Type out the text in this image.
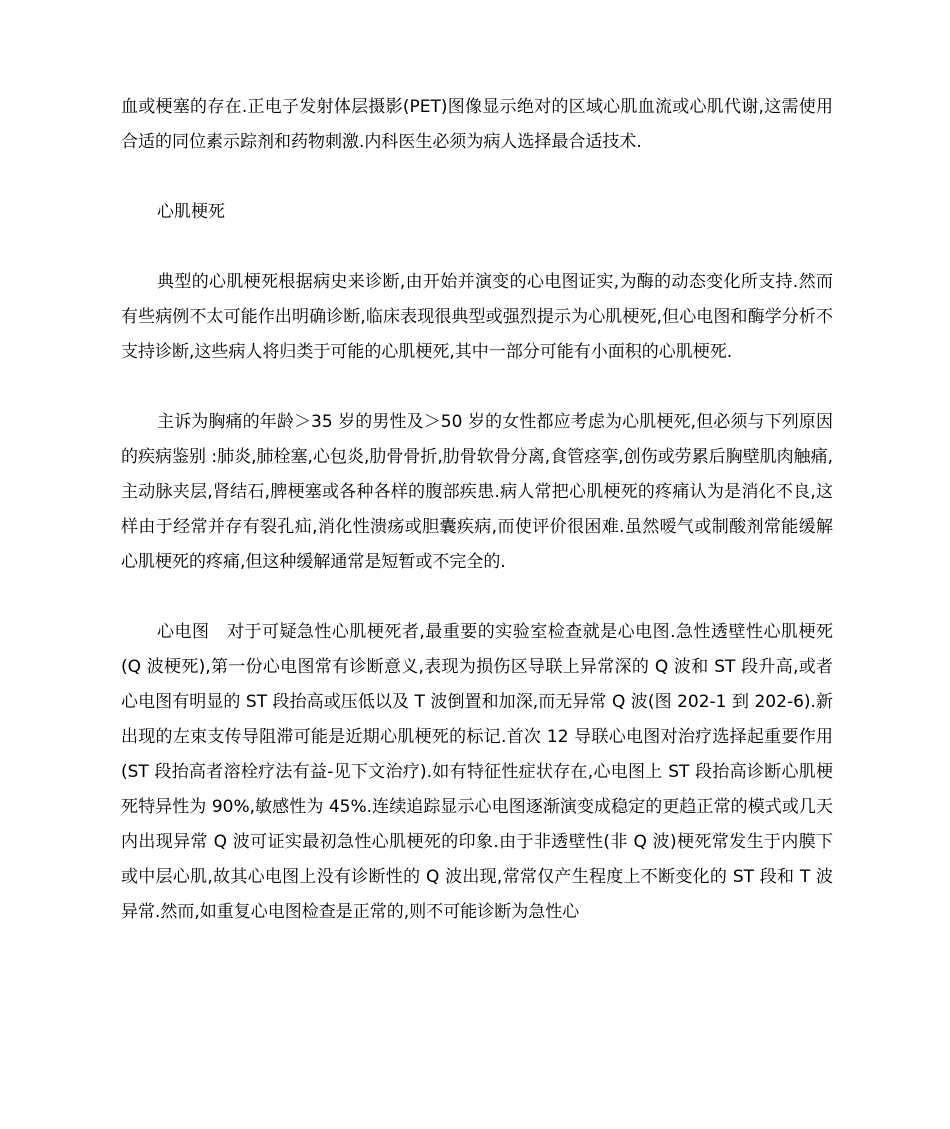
血或梗塞的存在.正电子发射体层摄影(PET)图像显示绝对的区域心肌血流或心肌代谢,这需使用合适的同位素示踪剂和药物刺激.内科医生必须为病人选择最合适技术.

心肌梗死

典型的心肌梗死根据病史来诊断,由开始并演变的心电图证实,为酶的动态变化所支持.然而有些病例不太可能作出明确诊断,临床表现很典型或强烈提示为心肌梗死,但心电图和酶学分析不支持诊断,这些病人将归类于可能的心肌梗死,其中一部分可能有小面积的心肌梗死.

主诉为胸痛的年龄＞35 岁的男性及＞50 岁的女性都应考虑为心肌梗死,但必须与下列原因的疾病鉴别 :肺炎,肺栓塞,心包炎,肋骨骨折,肋骨软骨分离,食管痉挛,创伤或劳累后胸壁肌肉触痛,主动脉夹层,肾结石,脾梗塞或各种各样的腹部疾患.病人常把心肌梗死的疼痛认为是消化不良,这样由于经常并存有裂孔疝,消化性溃疡或胆囊疾病,而使评价很困难.虽然嗳气或制酸剂常能缓解心肌梗死的疼痛,但这种缓解通常是短暂或不完全的.

心电图　对于可疑急性心肌梗死者,最重要的实验室检查就是心电图.急性透壁性心肌梗死(Q 波梗死),第一份心电图常有诊断意义,表现为损伤区导联上异常深的 Q 波和 ST 段升高,或者心电图有明显的 ST 段抬高或压低以及 T 波倒置和加深,而无异常 Q 波(图 202-1 到 202-6).新出现的左束支传导阻滞可能是近期心肌梗死的标记.首次 12 导联心电图对治疗选择起重要作用(ST 段抬高者溶栓疗法有益-见下文治疗).如有特征性症状存在,心电图上 ST 段抬高诊断心肌梗死特异性为 90%,敏感性为 45%.连续追踪显示心电图逐渐演变成稳定的更趋正常的模式或几天内出现异常 Q 波可证实最初急性心肌梗死的印象.由于非透壁性(非 Q 波)梗死常发生于内膜下或中层心肌,故其心电图上没有诊断性的 Q 波出现,常常仅产生程度上不断变化的 ST 段和 T 波异常.然而,如重复心电图检查是正常的,则不可能诊断为急性心
